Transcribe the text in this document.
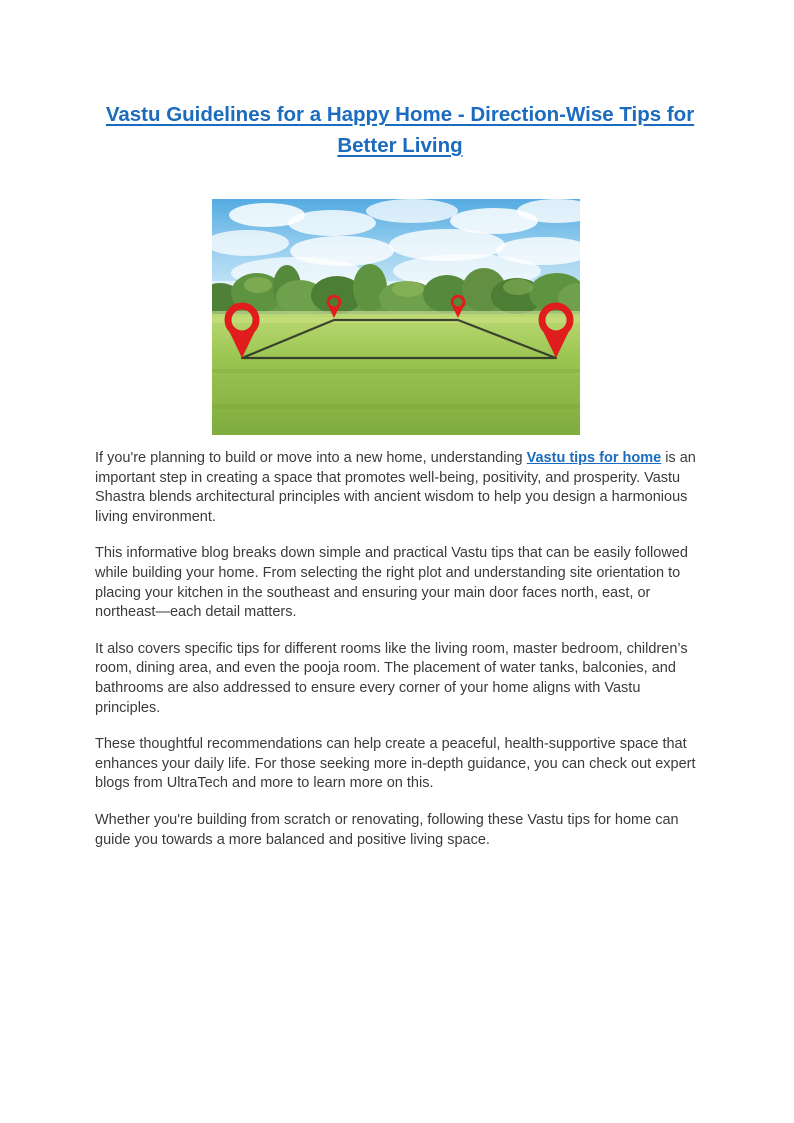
Vastu Guidelines for a Happy Home - Direction-Wise Tips for
Better Living

If you're planning to build or move into a new home, understanding Vastu tips for home is an important step in creating a space that promotes well-being, positivity, and prosperity. Vastu Shastra blends architectural principles with ancient wisdom to help you design a harmonious living environment.

This informative blog breaks down simple and practical Vastu tips that can be easily followed while building your home. From selecting the right plot and understanding site orientation to placing your kitchen in the southeast and ensuring your main door faces north, east, or northeast—each detail matters.

It also covers specific tips for different rooms like the living room, master bedroom, children’s room, dining area, and even the pooja room. The placement of water tanks, balconies, and bathrooms are also addressed to ensure every corner of your home aligns with Vastu principles.

These thoughtful recommendations can help create a peaceful, health-supportive space that enhances your daily life. For those seeking more in-depth guidance, you can check out expert blogs from UltraTech and more to learn more on this.

Whether you're building from scratch or renovating, following these Vastu tips for home can guide you towards a more balanced and positive living space.
